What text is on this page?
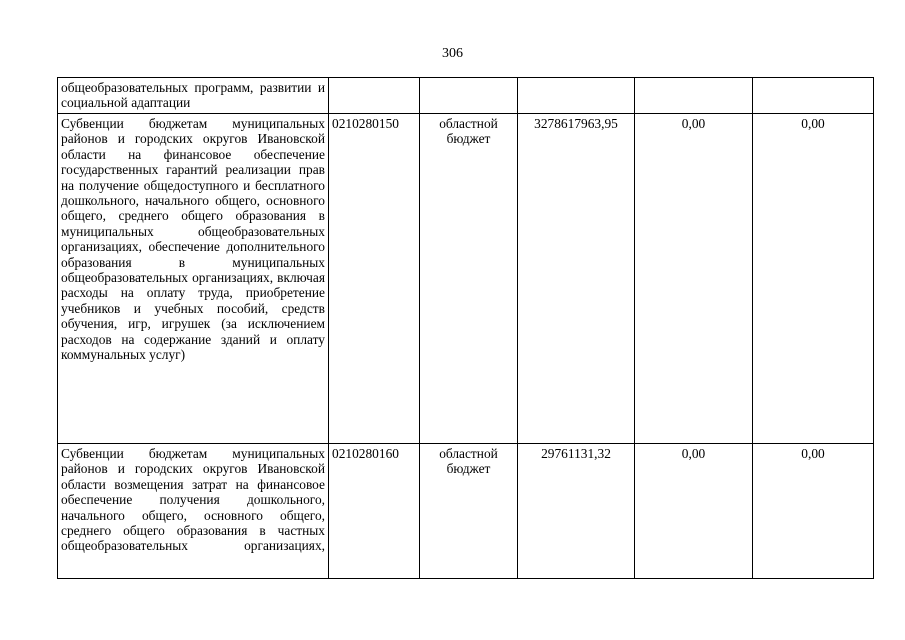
306
общеобразовательных программ, развитии и социальной адаптации					

Субвенции бюджетам муниципальных районов и городских округов Ивановской области на финансовое обеспечение государственных гарантий реализации прав на получение общедоступного и бесплатного дошкольного, начального общего, основного общего, среднего общего образования в муниципальных общеобразовательных организациях, обеспечение дополнительного образования в муниципальных общеобразовательных организациях, включая расходы на оплату труда, приобретение учебников и учебных пособий, средств обучения, игр, игрушек (за исключением расходов на содержание зданий и оплату коммунальных услуг)	0210280150	областной бюджет	3278617963,95	0,00	0,00

Субвенции бюджетам муниципальных районов и городских округов Ивановской области возмещения затрат на финансовое обеспечение получения дошкольного, начального общего, основного общего, среднего общего образования в частных общеобразовательных организациях,	0210280160	областной бюджет	29761131,32	0,00	0,00
